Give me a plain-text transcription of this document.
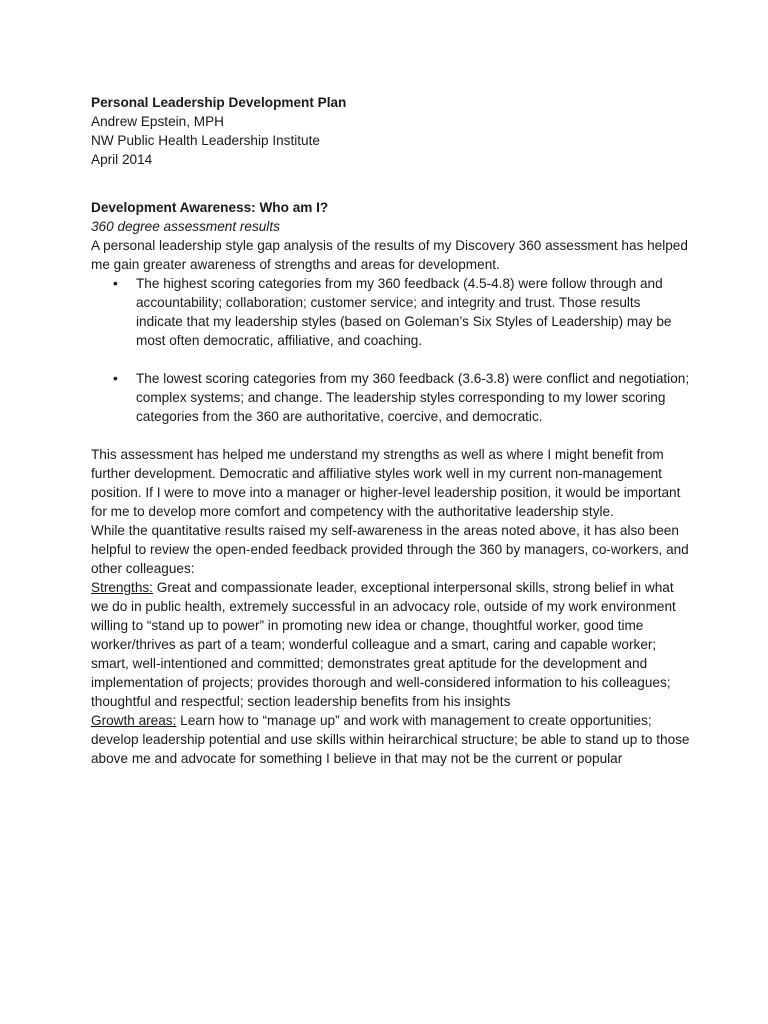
Personal Leadership Development Plan

Andrew Epstein, MPH

NW Public Health Leadership Institute

April 2014

Development Awareness: Who am I?

360 degree assessment results

A personal leadership style gap analysis of the results of my Discovery 360 assessment has helped me gain greater awareness of strengths and areas for development.

• The highest scoring categories from my 360 feedback (4.5-4.8) were follow through and accountability; collaboration; customer service; and integrity and trust. Those results indicate that my leadership styles (based on Goleman’s Six Styles of Leadership) may be most often democratic, affiliative, and coaching.
• The lowest scoring categories from my 360 feedback (3.6-3.8) were conflict and negotiation; complex systems; and change. The leadership styles corresponding to my lower scoring categories from the 360 are authoritative, coercive, and democratic.

This assessment has helped me understand my strengths as well as where I might benefit from further development. Democratic and affiliative styles work well in my current non-management position. If I were to move into a manager or higher-level leadership position, it would be important for me to develop more comfort and competency with the authoritative leadership style.

While the quantitative results raised my self-awareness in the areas noted above, it has also been helpful to review the open-ended feedback provided through the 360 by managers, co-workers, and other colleagues:

Strengths: Great and compassionate leader, exceptional interpersonal skills, strong belief in what we do in public health, extremely successful in an advocacy role, outside of my work environment willing to “stand up to power” in promoting new idea or change, thoughtful worker, good time worker/thrives as part of a team; wonderful colleague and a smart, caring and capable worker; smart, well-intentioned and committed; demonstrates great aptitude for the development and implementation of projects; provides thorough and well-considered information to his colleagues; thoughtful and respectful; section leadership benefits from his insights

Growth areas: Learn how to “manage up” and work with management to create opportunities; develop leadership potential and use skills within heirarchical structure; be able to stand up to those above me and advocate for something I believe in that may not be the current or popular
